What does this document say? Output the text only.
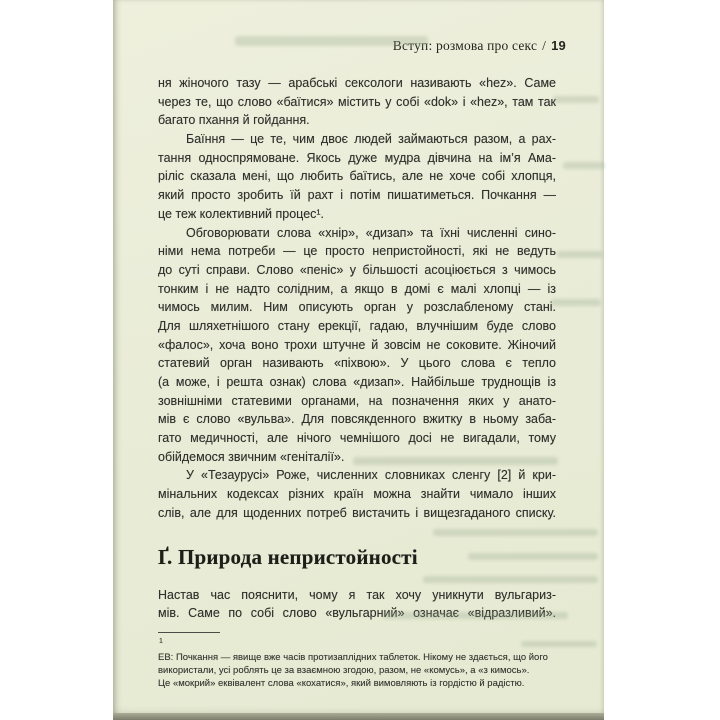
Вступ: розмова про секс / 19
ня жіночого тазу — арабські сексологи називають «hez». Саме
через те, що слово «баїтися» містить у собі «dok» і «hez», там так
багато пхання й гойдання.
Баїння — це те, чим двоє людей займаються разом, а рах-
тання односпрямоване. Якось дуже мудра дівчина на ім’я Ама-
ріліс сказала мені, що любить баїтись, але не хоче собі хлопця,
який просто зробить їй рахт і потім пишатиметься. Почкання —
це теж колективний процес¹.
Обговорювати слова «хнір», «дизап» та їхні численні сино-
німи нема потреби — це просто непристойності, які не ведуть
до суті справи. Слово «пеніс» у більшості асоціюється з чимось
тонким і не надто солідним, а якщо в домі є малі хлопці — із
чимось милим. Ним описують орган у розслабленому стані.
Для шляхетнішого стану ерекції, гадаю, влучнішим буде слово
«фалос», хоча воно трохи штучне й зовсім не соковите. Жіночий
статевий орган називають «піхвою». У цього слова є тепло
(а може, і решта ознак) слова «дизап». Найбільше труднощів із
зовнішніми статевими органами, на позначення яких у анато-
мів є слово «вульва». Для повсякденного вжитку в ньому заба-
гато медичності, але нічого чемнішого досі не вигадали, тому
обійдемося звичним «геніталії».
У «Тезаурусі» Роже, численних словниках сленгу [2] й кри-
мінальних кодексах різних країн можна знайти чимало інших
слів, але для щоденних потреб вистачить і вищезгаданого списку.
Ґ. Природа непристойності
Настав час пояснити, чому я так хочу уникнути вульгариз-
мів. Саме по собі слово «вульгарний» означає «відразливий».
1ЕВ: Почкання — явище вже часів протизаплідних таблеток. Нікому не здається, що його
використали, усі роблять це за взаємною згодою, разом, не «комусь», а «з кимось».
Це «мокрий» еквівалент слова «кохатися», який вимовляють із гордістю й радістю.
